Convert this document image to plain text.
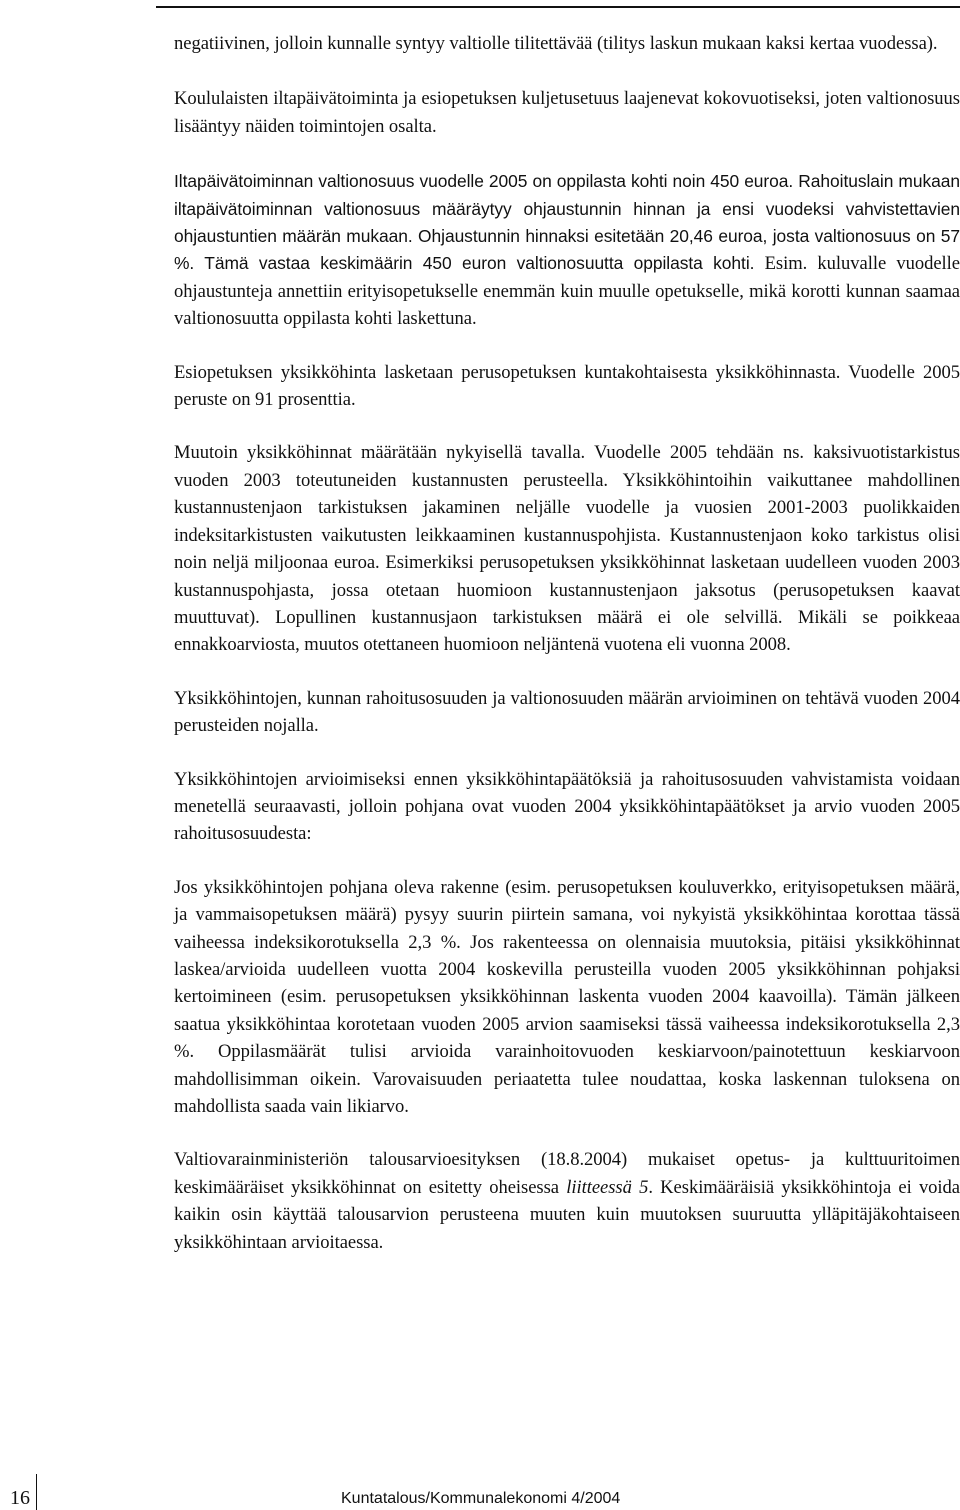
negatiivinen, jolloin kunnalle syntyy valtiolle tilitettävää (tilitys laskun mukaan kaksi kertaa vuodessa).

Koululaisten iltapäivätoiminta ja esiopetuksen kuljetusetuus laajenevat kokovuotiseksi, joten valtionosuus lisääntyy näiden toimintojen osalta.

Iltapäivätoiminnan valtionosuus vuodelle 2005 on oppilasta kohti noin 450 euroa. Rahoituslain mukaan iltapäivätoiminnan valtionosuus määräytyy ohjaustunnin hinnan ja ensi vuodeksi vahvistettavien ohjaustuntien määrän mukaan. Ohjaustunnin hinnaksi esitetään 20,46 euroa, josta valtionosuus on 57 %. Tämä vastaa keskimäärin 450 euron valtionosuutta oppilasta kohti. Esim. kuluvalle vuodelle ohjaustunteja annettiin erityisopetukselle enemmän kuin muulle opetukselle, mikä korotti kunnan saamaa valtionosuutta oppilasta kohti laskettuna.

Esiopetuksen yksikköhinta lasketaan perusopetuksen kuntakohtaisesta yksikköhinnasta. Vuodelle 2005 peruste on 91 prosenttia.

Muutoin yksikköhinnat määrätään nykyisellä tavalla. Vuodelle 2005 tehdään ns. kaksivuotistarkistus vuoden 2003 toteutuneiden kustannusten perusteella. Yksikköhintoihin vaikuttanee mahdollinen kustannustenjaon tarkistuksen jakaminen neljälle vuodelle ja vuosien 2001-2003 puolikkaiden indeksitarkistusten vaikutusten leikkaaminen kustannuspohjista. Kustannustenjaon koko tarkistus olisi noin neljä miljoonaa euroa. Esimerkiksi perusopetuksen yksikköhinnat lasketaan uudelleen vuoden 2003 kustannuspohjasta, jossa otetaan huomioon kustannustenjaon jaksotus (perusopetuksen kaavat muuttuvat). Lopullinen kustannusjaon tarkistuksen määrä ei ole selvillä. Mikäli se poikkeaa ennakkoarviosta, muutos otettaneen huomioon neljäntenä vuotena eli vuonna 2008.

Yksikköhintojen, kunnan rahoitusosuuden ja valtionosuuden määrän arvioiminen on tehtävä vuoden 2004 perusteiden nojalla.

Yksikköhintojen arvioimiseksi ennen yksikköhintapäätöksiä ja rahoitusosuuden vahvistamista voidaan menetellä seuraavasti, jolloin pohjana ovat vuoden 2004 yksikköhintapäätökset ja arvio vuoden 2005 rahoitusosuudesta:

Jos yksikköhintojen pohjana oleva rakenne (esim. perusopetuksen kouluverkko, erityisopetuksen määrä, ja vammaisopetuksen määrä) pysyy suurin piirtein samana, voi nykyistä yksikköhintaa korottaa tässä vaiheessa indeksikorotuksella 2,3 %. Jos rakenteessa on olennaisia muutoksia, pitäisi yksikköhinnat laskea/arvioida uudelleen vuotta 2004 koskevilla perusteilla vuoden 2005 yksikköhinnan pohjaksi kertoimineen (esim. perusopetuksen yksikköhinnan laskenta vuoden 2004 kaavoilla). Tämän jälkeen saatua yksikköhintaa korotetaan vuoden 2005 arvion saamiseksi tässä vaiheessa indeksikorotuksella 2,3 %. Oppilasmäärät tulisi arvioida varainhoitovuoden keskiarvoon/painotettuun keskiarvoon mahdollisimman oikein. Varovaisuuden periaatetta tulee noudattaa, koska laskennan tuloksena on mahdollista saada vain likiarvo.

Valtiovarainministeriön talousarvioesityksen (18.8.2004) mukaiset opetus- ja kulttuuritoimen keskimääräiset yksikköhinnat on esitetty oheisessa liitteessä 5. Keskimääräisiä yksikköhintoja ei voida kaikin osin käyttää talousarvion perusteena muuten kuin muutoksen suuruutta ylläpitäjäkohtaiseen yksikköhintaan arvioitaessa.

16	Kuntatalous/Kommunalekonomi 4/2004
